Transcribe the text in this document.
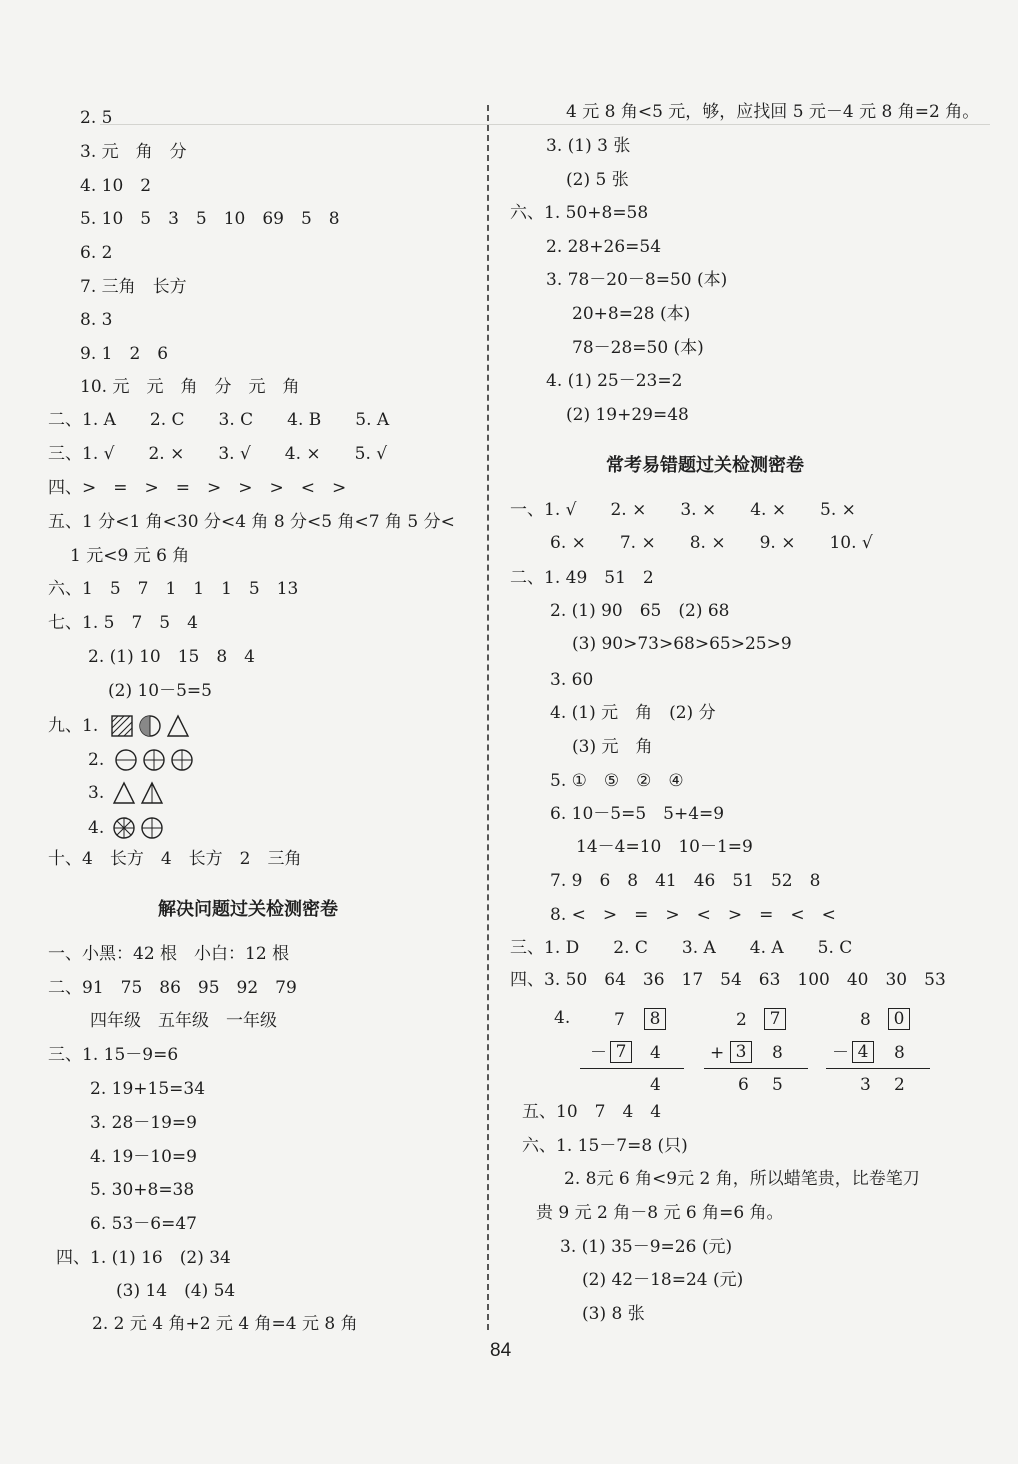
2. 5
3. 元　角　分
4. 10　2
5. 10　5　3　5　10　69　5　8
6. 2
7. 三角　长方
8. 3
9. 1　2　6
10. 元　元　角　分　元　角
二、1. A　　2. C　　3. C　　4. B　　5. A
三、1. √　　2. ×　　3. √　　4. ×　　5. √
四、>　=　>　=　>　>　>　<　>
五、1 分<1 角<30 分<4 角 8 分<5 角<7 角 5 分<
1 元<9 元 6 角
六、1　5　7　1　1　1　5　13
七、1. 5　7　5　4
2. (1) 10　15　8　4
(2) 10－5=5
九、1.
2.
3.
4.
十、4　长方　4　长方　2　三角
解决问题过关检测密卷
一、小黑：42 根　小白：12 根
二、91　75　86　95　92　79
四年级　五年级　一年级
三、1. 15－9=6
2. 19+15=34
3. 28－19=9
4. 19－10=9
5. 30+8=38
6. 53－6=47
四、1. (1) 16　(2) 34
(3) 14　(4) 54
2. 2 元 4 角+2 元 4 角=4 元 8 角
4 元 8 角<5 元，够，应找回 5 元－4 元 8 角=2 角。
3. (1) 3 张
(2) 5 张
六、1. 50+8=58
2. 28+26=54
3. 78－20－8=50 (本)
20+8=28 (本)
78－28=50 (本)
4. (1) 25－23=2
(2) 19+29=48
常考易错题过关检测密卷
一、1. √　　2. ×　　3. ×　　4. ×　　5. ×
6. ×　　7. ×　　8. ×　　9. ×　　10. √
二、1. 49　51　2
2. (1) 90　65　(2) 68
(3) 90>73>68>65>25>9
3. 60
4. (1) 元　角　(2) 分
(3) 元　角
5. ①　⑤　②　④
6. 10－5=5　5+4=9
14－4=10　10－1=9
7. 9　6　8　41　46　51　52　8
8. <　>　=　>　<　>　=　<　<
三、1. D　　2. C　　3. A　　4. A　　5. C
四、3. 50　64　36　17　54　63　100　40　30　53
4.	7	8
－ 7	4
4
2	7
+ 3	8
6 5
8	0
－ 4	8
3 2
五、10　7　4　4
六、1. 15－7=8 (只)
2. 8元 6 角<9元 2 角，所以蜡笔贵，比卷笔刀
贵 9 元 2 角－8 元 6 角=6 角。
3. (1) 35－9=26 (元)
(2) 42－18=24 (元)
(3) 8 张
84
